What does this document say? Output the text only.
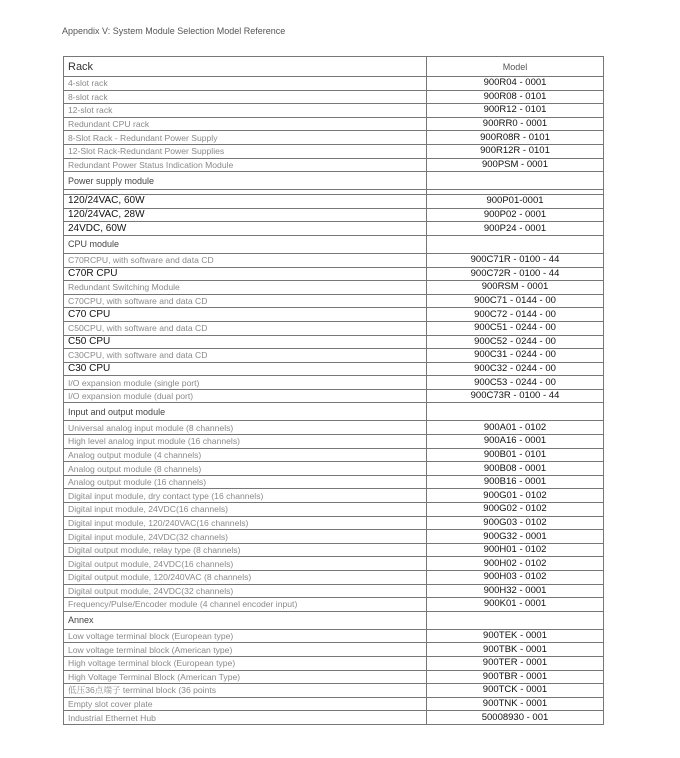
Appendix V: System Module Selection Model Reference
Rack	Model
4-slot rack	900R04 - 0001
8-slot rack	900R08 - 0101
12-slot rack	900R12 - 0101
Redundant CPU rack	900RR0 - 0001
8-Slot Rack - Redundant Power Supply	900R08R - 0101
12-Slot Rack-Redundant Power Supplies	900R12R - 0101
Redundant Power Status Indication Module	900PSM - 0001
Power supply module	

120/24VAC, 60W	900P01-0001
120/24VAC, 28W	900P02 - 0001
24VDC, 60W	900P24 - 0001
CPU module	
C70RCPU, with software and data CD	900C71R - 0100 - 44
C70R CPU	900C72R - 0100 - 44
Redundant Switching Module	900RSM - 0001
C70CPU, with software and data CD	900C71 - 0144 - 00
C70 CPU	900C72 - 0144 - 00
C50CPU, with software and data CD	900C51 - 0244 - 00
C50 CPU	900C52 - 0244 - 00
C30CPU, with software and data CD	900C31 - 0244 - 00
C30 CPU	900C32 - 0244 - 00
I/O expansion module (single port)	900C53 - 0244 - 00
I/O expansion module (dual port)	900C73R - 0100 - 44
Input and output module	
Universal analog input module (8 channels)	900A01 - 0102
High level analog input module (16 channels)	900A16 - 0001
Analog output module (4 channels)	900B01 - 0101
Analog output module (8 channels)	900B08 - 0001
Analog output module (16 channels)	900B16 - 0001
Digital input module, dry contact type (16 channels)	900G01 - 0102
Digital input module, 24VDC(16 channels)	900G02 - 0102
Digital input module, 120/240VAC(16 channels)	900G03 - 0102
Digital input module, 24VDC(32 channels)	900G32 - 0001
Digital output module, relay type (8 channels)	900H01 - 0102
Digital output module, 24VDC(16 channels)	900H02 - 0102
Digital output module, 120/240VAC (8 channels)	900H03 - 0102
Digital output module, 24VDC(32 channels)	900H32 - 0001
Frequency/Pulse/Encoder module (4 channel encoder input)	900K01 - 0001
Annex	
Low voltage terminal block (European type)	900TEK - 0001
Low voltage terminal block (American type)	900TBK - 0001
High voltage terminal block (European type)	900TER - 0001
High Voltage Terminal Block (American Type)	900TBR - 0001
低压36点端子 terminal block (36 points	900TCK - 0001
Empty slot cover plate	900TNK - 0001
Industrial Ethernet Hub	50008930 - 001
